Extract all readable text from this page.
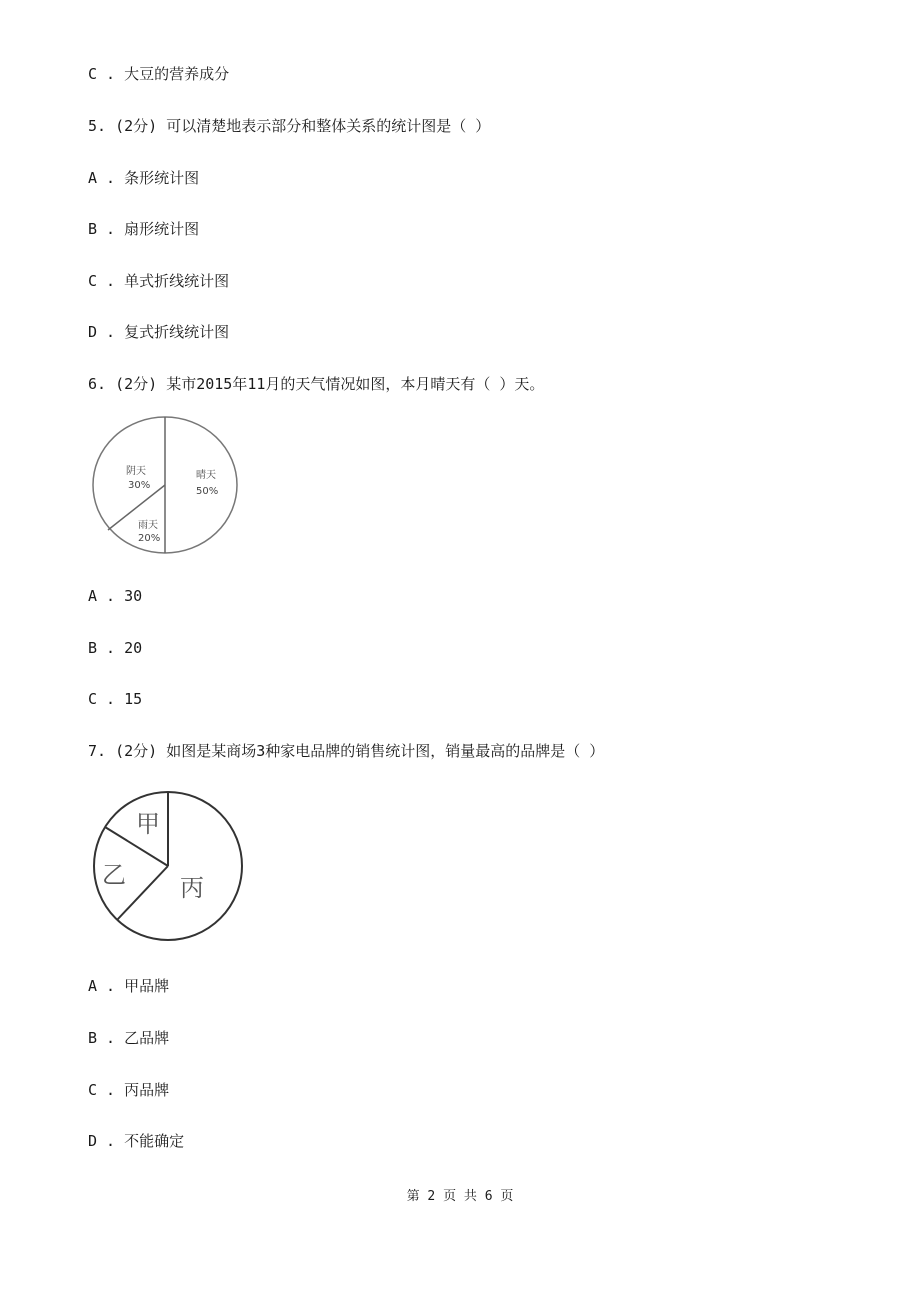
C . 大豆的营养成分
5. (2分) 可以清楚地表示部分和整体关系的统计图是（ ）
A . 条形统计图
B . 扇形统计图
C . 单式折线统计图
D . 复式折线统计图
6. (2分) 某市2015年11月的天气情况如图，本月晴天有（ ）天。
晴天
50%
阴天
30%
雨天
20%
A . 30
B . 20
C . 15
7. (2分) 如图是某商场3种家电品牌的销售统计图，销量最高的品牌是（ ）
甲
乙 丙
A . 甲品牌
B . 乙品牌
C . 丙品牌
D . 不能确定
第 2 页 共 6 页
